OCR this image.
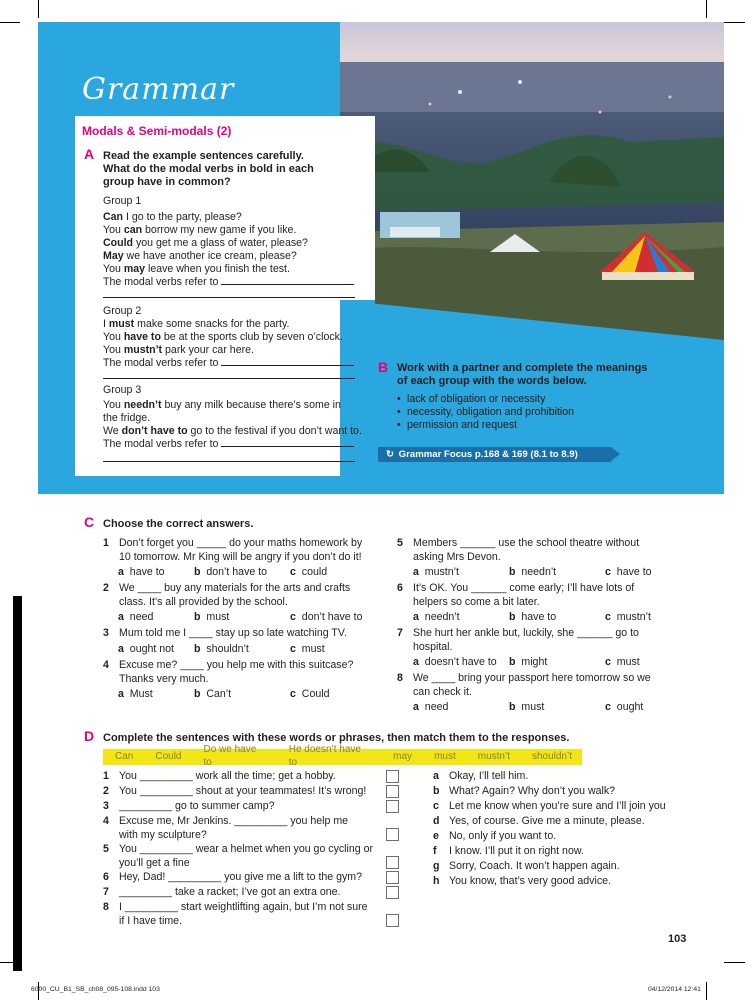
Grammar
Modals & Semi-modals (2)
A Read the example sentences carefully.
What do the modal verbs in bold in each
group have in common?
Group 1
Can I go to the party, please?
You can borrow my new game if you like.
Could you get me a glass of water, please?
May we have another ice cream, please?
You may leave when you finish the test.
The modal verbs refer to
Group 2
I must make some snacks for the party.
You have to be at the sports club by seven o’clock.
You mustn’t park your car here.
The modal verbs refer to
Group 3
You needn’t buy any milk because there’s some in
the fridge.
We don’t have to go to the festival if you don’t want to.
The modal verbs refer to
B Work with a partner and complete the meanings
of each group with the words below.
• lack of obligation or necessity
• necessity, obligation and prohibition
• permission and request
↻ Grammar Focus p.168 & 169 (8.1 to 8.9)
C Choose the correct answers.
1 Don’t forget you _____ do your maths homework by
10 tomorrow. Mr King will be angry if you don’t do it!
a have to	b don’t have to c could
2 We ____ buy any materials for the arts and crafts
class. It’s all provided by the school.
a need	b must	c don’t have to
3 Mum told me I ____ stay up so late watching TV.
a ought not b shouldn’t	c must
4 Excuse me? ____ you help me with this suitcase?
Thanks very much.
a Must	b Can’t	c Could
5 Members ______ use the school theatre without
asking Mrs Devon.
a mustn’t	b needn’t	c have to
6 It’s OK. You ______ come early; I’ll have lots of
helpers so come a bit later.
a needn’t	b have to	c mustn’t
7 She hurt her ankle but, luckily, she ______ go to
hospital.
a doesn’t have to b might	c must
8 We ____ bring your passport here tomorrow so we
can check it.
a need	b must	c ought
D Complete the sentences with these words or phrases, then match them to the responses.
Can Could
Do we have to
He doesn’t have to
may must mustn’t shouldn’t
1 You _________ work all the time; get a hobby.
2 You _________ shout at your teammates! It’s wrong!
3 _________ go to summer camp?
4 Excuse me, Mr Jenkins. _________ you help me
with my sculpture?
5 You _________ wear a helmet when you go cycling or
you’ll get a fine
6 Hey, Dad! _________ you give me a lift to the gym?
7 _________ take a racket; I’ve got an extra one.
8 I _________ start weightlifting again, but I’m not sure
if I have time.
a Okay, I’ll tell him.
b What? Again? Why don’t you walk?
c Let me know when you’re sure and I’ll join you
d Yes, of course. Give me a minute, please.
e No, only if you want to.
f	I know. I’ll put it on right now.
g Sorry, Coach. It won’t happen again.
h You know, that’s very good advice.
103
6000_CU_B1_SB_ch08_095-108.indd 103	04/12/2014 12:41
